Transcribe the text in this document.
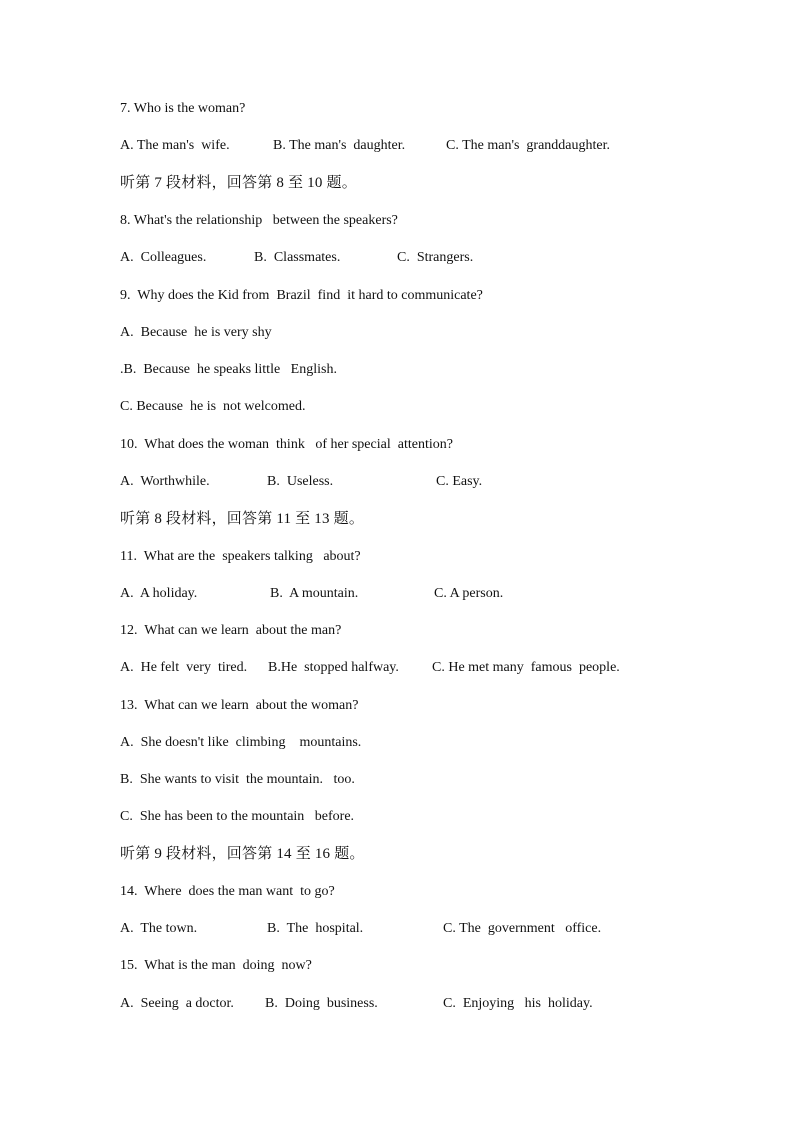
7. Who is the woman?

A. The man's  wife.

	B. The man's  daughter.

	C. The man's  granddaughter.

听第 7 段材料，回答第 8 至 10 题。
8. What's the relationship   between the speakers?

A.  Colleagues.

	B.  Classmates.

	C.  Strangers.

9.  Why does the Kid from  Brazil  find  it hard to communicate?
A.  Because  he is very shy
.B.  Because  he speaks little   English.
C. Because  he is  not welcomed.
10.  What does the woman  think   of her special  attention?

A.  Worthwhile.

	B.  Useless.

	C. Easy.

听第 8 段材料，回答第 11 至 13 题。
11.  What are the  speakers talking   about?

A.  A holiday.

	B.  A mountain.

	C. A person.

12.  What can we learn  about the man?

A.  He felt  very  tired.

B.He  stopped halfway.

C. He met many  famous  people.

13.  What can we learn  about the woman?
A.  She doesn't like  climbing    mountains.
B.  She wants to visit  the mountain.   too.
C.  She has been to the mountain   before.
听第 9 段材料，回答第 14 至 16 题。
14.  Where  does the man want  to go?

A.  The town.

	B.  The  hospital.

	C. The  government   office.

15.  What is the man  doing  now?

A.  Seeing  a doctor.

B.  Doing  business.

	C.  Enjoying   his  holiday.
